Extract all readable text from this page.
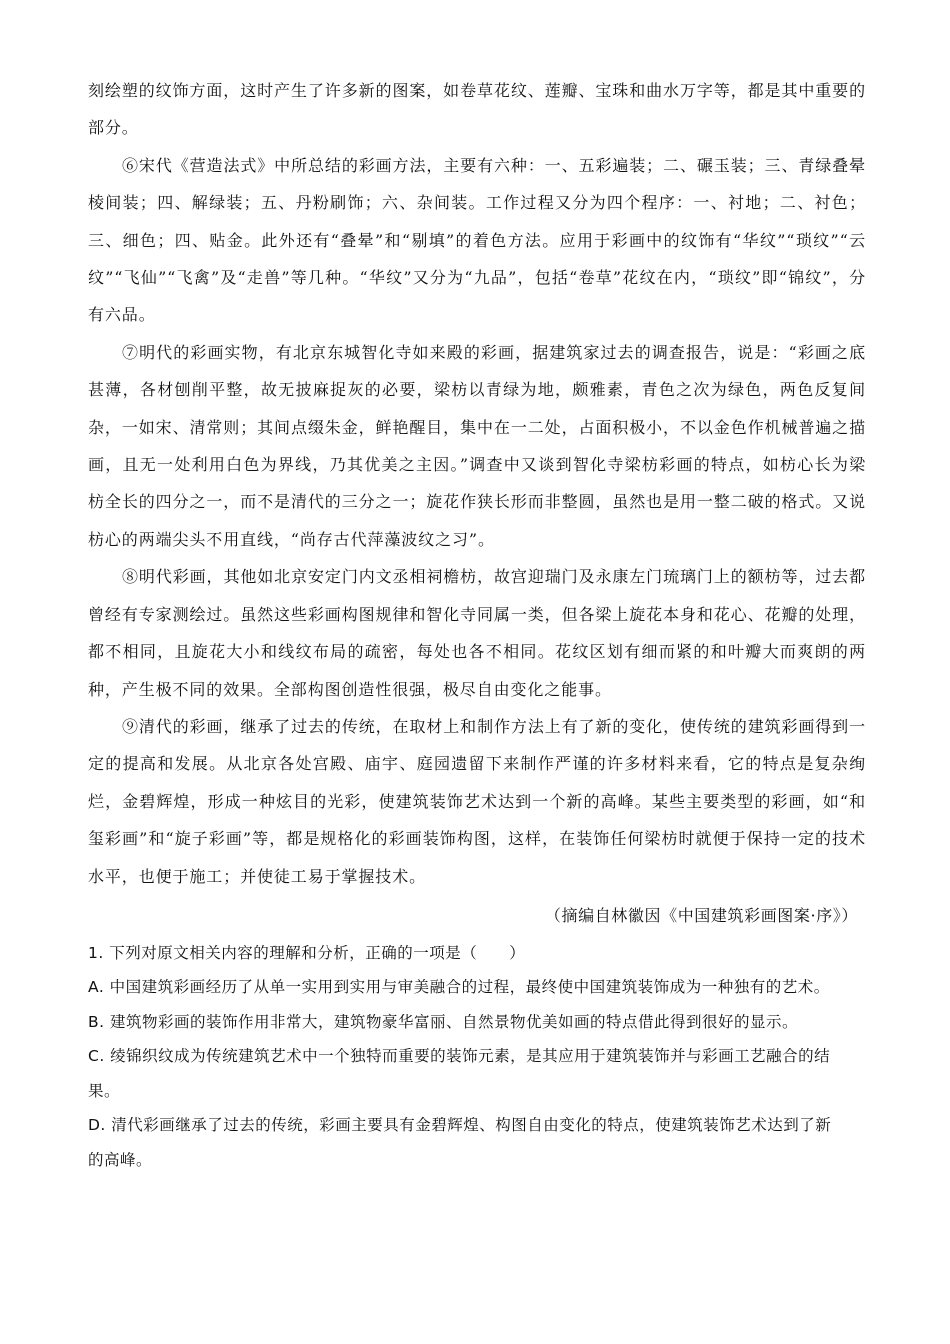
刻绘塑的纹饰方面，这时产生了许多新的图案，如卷草花纹、莲瓣、宝珠和曲水万字等，都是其中重要的部分。

⑥宋代《营造法式》中所总结的彩画方法，主要有六种：一、五彩遍装；二、碾玉装；三、青绿叠晕棱间装；四、解绿装；五、丹粉刷饰；六、杂间装。工作过程又分为四个程序：一、衬地；二、衬色；三、细色；四、贴金。此外还有“叠晕”和“剔填”的着色方法。应用于彩画中的纹饰有“华纹”“琐纹”“云纹”“飞仙”“飞禽”及“走兽”等几种。“华纹”又分为“九品”，包括“卷草”花纹在内，“琐纹”即“锦纹”，分有六品。

⑦明代的彩画实物，有北京东城智化寺如来殿的彩画，据建筑家过去的调查报告，说是：“彩画之底甚薄，各材刨削平整，故无披麻捉灰的必要，梁枋以青绿为地，颇雅素，青色之次为绿色，两色反复间杂，一如宋、清常则；其间点缀朱金，鲜艳醒目，集中在一二处，占面积极小，不以金色作机械普遍之描画，且无一处利用白色为界线，乃其优美之主因。”调查中又谈到智化寺梁枋彩画的特点，如枋心长为梁枋全长的四分之一，而不是清代的三分之一；旋花作狭长形而非整圆，虽然也是用一整二破的格式。又说枋心的两端尖头不用直线，“尚存古代萍藻波纹之习”。

⑧明代彩画，其他如北京安定门内文丞相祠檐枋，故宫迎瑞门及永康左门琉璃门上的额枋等，过去都曾经有专家测绘过。虽然这些彩画构图规律和智化寺同属一类，但各梁上旋花本身和花心、花瓣的处理，都不相同，且旋花大小和线纹布局的疏密，每处也各不相同。花纹区划有细而紧的和叶瓣大而爽朗的两种，产生极不同的效果。全部构图创造性很强，极尽自由变化之能事。

⑨清代的彩画，继承了过去的传统，在取材上和制作方法上有了新的变化，使传统的建筑彩画得到一定的提高和发展。从北京各处宫殿、庙宇、庭园遗留下来制作严谨的许多材料来看，它的特点是复杂绚烂，金碧辉煌，形成一种炫目的光彩，使建筑装饰艺术达到一个新的高峰。某些主要类型的彩画，如“和玺彩画”和“旋子彩画”等，都是规格化的彩画装饰构图，这样，在装饰任何梁枋时就便于保持一定的技术水平，也便于施工；并使徒工易于掌握技术。

（摘编自林徽因《中国建筑彩画图案·序》）

1. 下列对原文相关内容的理解和分析，正确的一项是（　　）

A. 中国建筑彩画经历了从单一实用到实用与审美融合的过程，最终使中国建筑装饰成为一种独有的艺术。

B. 建筑物彩画的装饰作用非常大，建筑物豪华富丽、自然景物优美如画的特点借此得到很好的显示。

C. 绫锦织纹成为传统建筑艺术中一个独特而重要的装饰元素，是其应用于建筑装饰并与彩画工艺融合的结果。

D. 清代彩画继承了过去的传统，彩画主要具有金碧辉煌、构图自由变化的特点，使建筑装饰艺术达到了新的高峰。
